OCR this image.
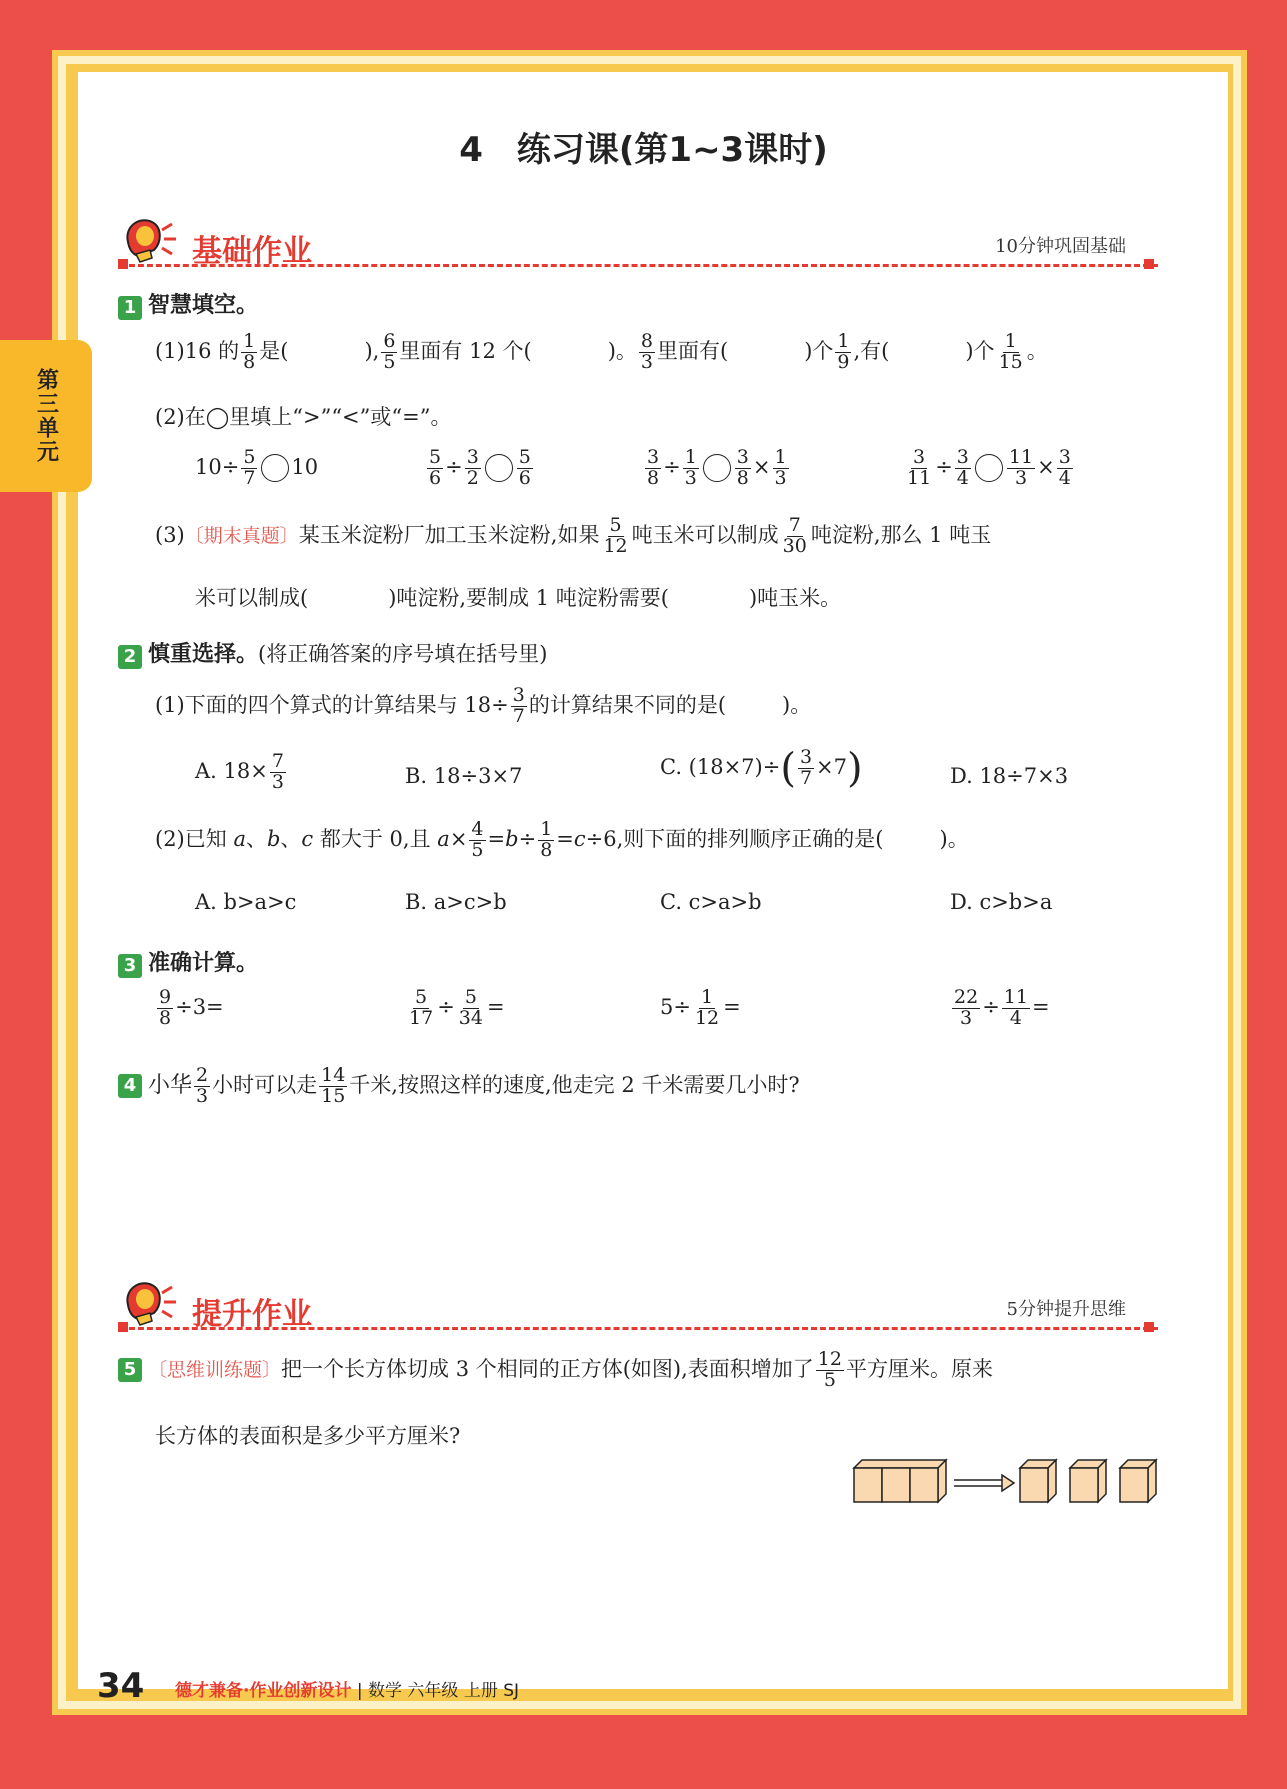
第三单元
4　练习课(第1~3课时)
基础作业	10分钟巩固基础
1 智慧填空。
(1)16 的 $\frac{1}{8}$ 是(	), $\frac{6}{5}$ 里面有 12 个(	)。 $\frac{8}{3}$ 里面有(	)个 $\frac{1}{9}$ ,有(	)个 $\frac{1}{15}$ 。
(2)在◯里填上“>”“<”或“=”。
$10\div \frac{5}{7} 10$	$\frac{5}{6} \div \frac{3}{2} \frac{5}{6}$	$\frac{3}{8} \div \frac{1}{3} \frac{3}{8} \times \frac{1}{3}$	$\frac{3}{11} \div \frac{3}{4} \frac{11}{3} \times \frac{3}{4}$
(3)〔期末真题〕某玉米淀粉厂加工玉米淀粉,如果 $\frac{5}{12}$ 吨玉米可以制成 $\frac{7}{30}$ 吨淀粉,那么 1 吨玉
米可以制成(	)吨淀粉,要制成 1 吨淀粉需要(	)吨玉米。
2 慎重选择。(将正确答案的序号填在括号里)
(1)下面的四个算式的计算结果与 $18\div \frac{3}{7}$ 的计算结果不同的是(	)。
A. $18\times \frac{7}{3}$	B. 18÷3×7	C. $(18\times 7)\div( \frac{3}{7} \times 7)$	D. 18÷7×3
(2)已知 a、b、c 都大于 0,且 $a\times \frac{4}{5} =b\div \frac{1}{8} =c\div 6$,则下面的排列顺序正确的是(	)。
A. b>a>c	B. a>c>b	C. c>a>b	D. c>b>a
3 准确计算。
$\frac{9}{8} \div 3=$	$\frac{5}{17} \div \frac{5}{34}$ =	$5\div \frac{1}{12}$ =	$\frac{22}{3} \div \frac{11}{4}$ =
4 小华 $\frac{2}{3}$ 小时可以走 $\frac{14}{15}$ 千米,按照这样的速度,他走完 2 千米需要几小时?
提升作业	5分钟提升思维
5 〔思维训练题〕把一个长方体切成 3 个相同的正方体(如图),表面积增加了 $\frac{12}{5}$ 平方厘米。原来
长方体的表面积是多少平方厘米?
34 德才兼备·作业创新设计 | 数学 六年级 上册 SJ
